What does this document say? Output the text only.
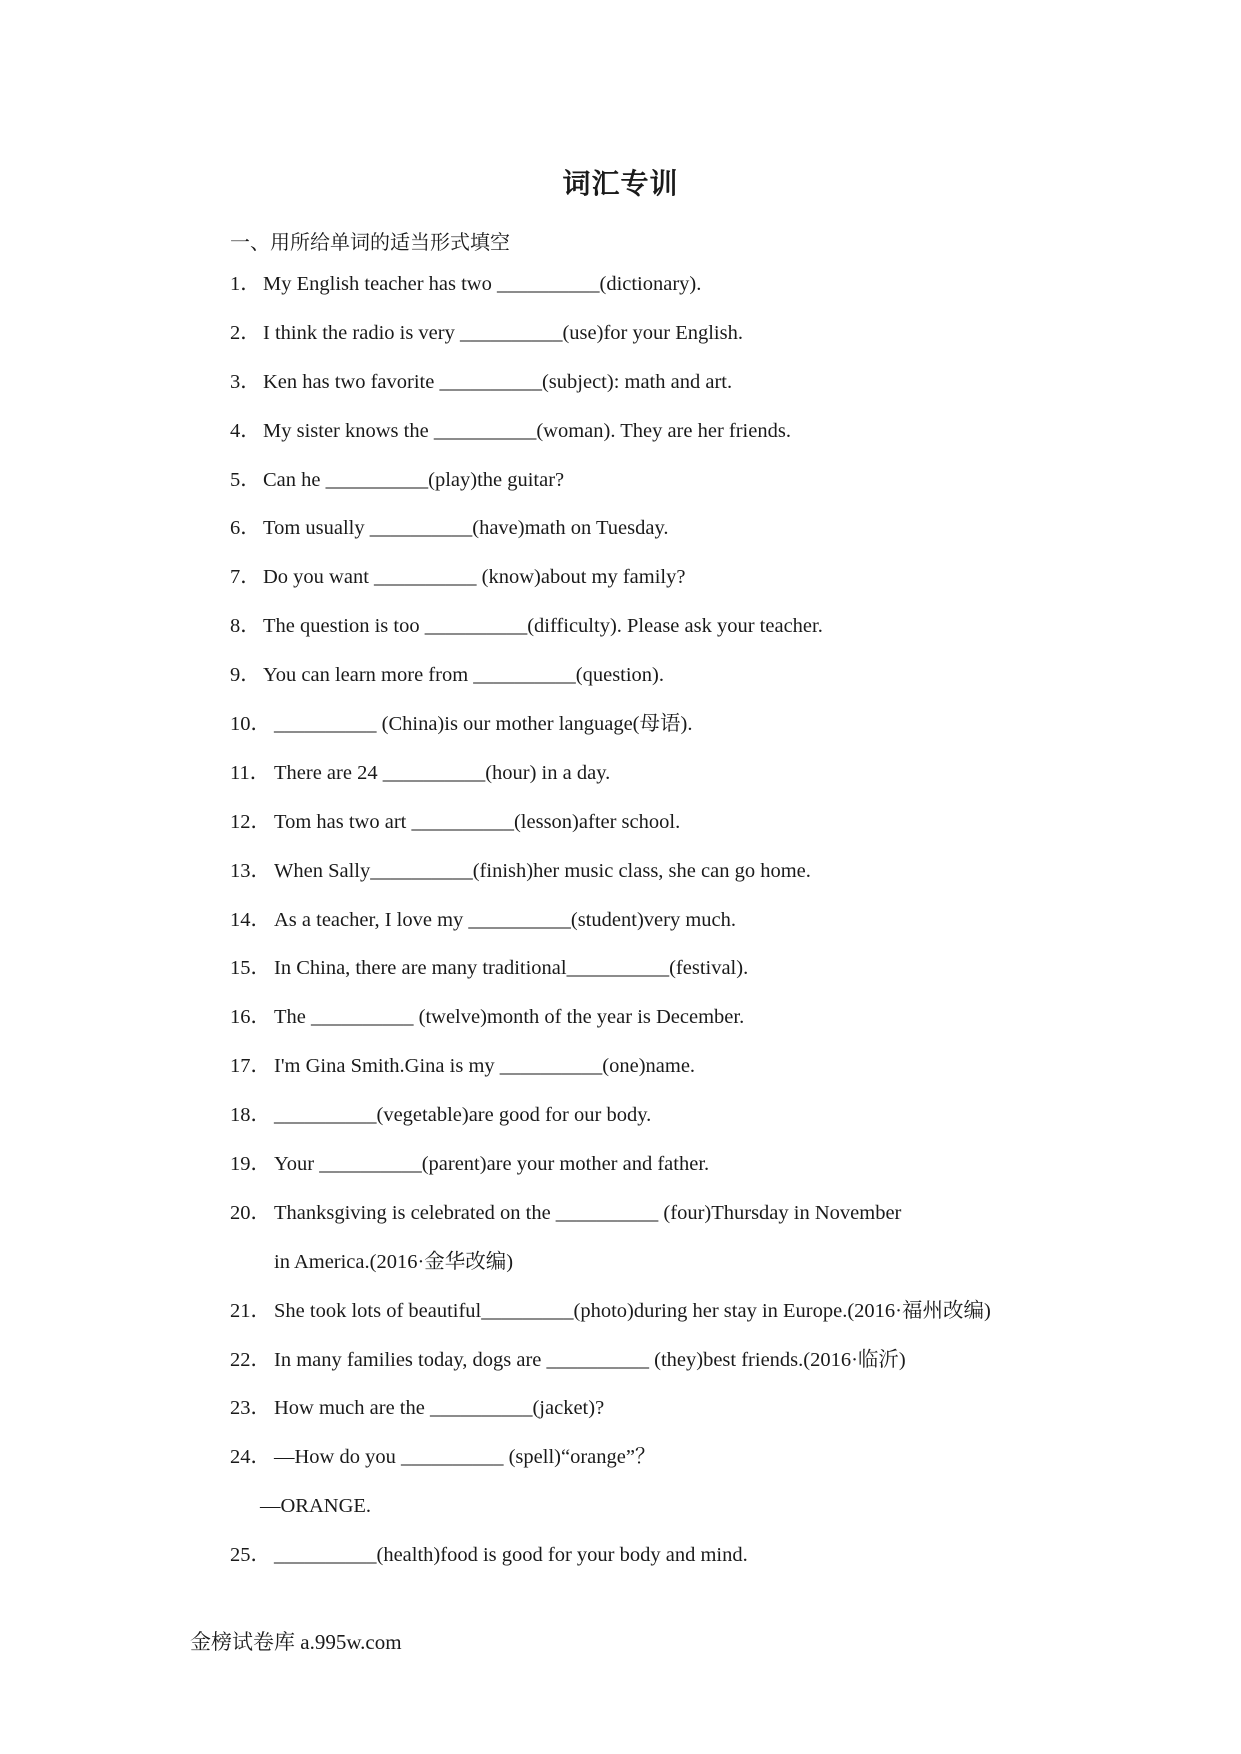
词汇专训
一、用所给单词的适当形式填空
1． My English teacher has two __________(dictionary).
2． I think the radio is very __________(use)for your English.
3． Ken has two favorite __________(subject): math and art.
4． My sister knows the __________(woman). They are her friends.
5． Can he __________(play)the guitar?
6． Tom usually __________(have)math on Tuesday.
7． Do you want __________ (know)about my family?
8． The question is too __________(difficulty). Please ask your teacher.
9． You can learn more from __________(question).
10． __________ (China)is our mother language(母语).
11． There are 24 __________(hour) in a day.
12． Tom has two art __________(lesson)after school.
13． When Sally__________(finish)her music class, she can go home.
14． As a teacher, I love my __________(student)very much.
15． In China, there are many traditional__________(festival).
16． The __________ (twelve)month of the year is December.
17． I'm Gina Smith.Gina is my __________(one)name.
18． __________(vegetable)are good for our body.
19． Your __________(parent)are your mother and father.
20． Thanksgiving is celebrated on the __________ (four)Thursday in November
in America.(2016·金华改编)
21． She took lots of beautiful_________(photo)during her stay in Europe.(2016·福州改编)
22． In many families today, dogs are __________ (they)best friends.(2016·临沂)
23． How much are the __________(jacket)?
24． —How do you __________ (spell)“orange”？
—ORANGE.
25． __________(health)food is good for your body and mind.
金榜试卷库 a.995w.com
